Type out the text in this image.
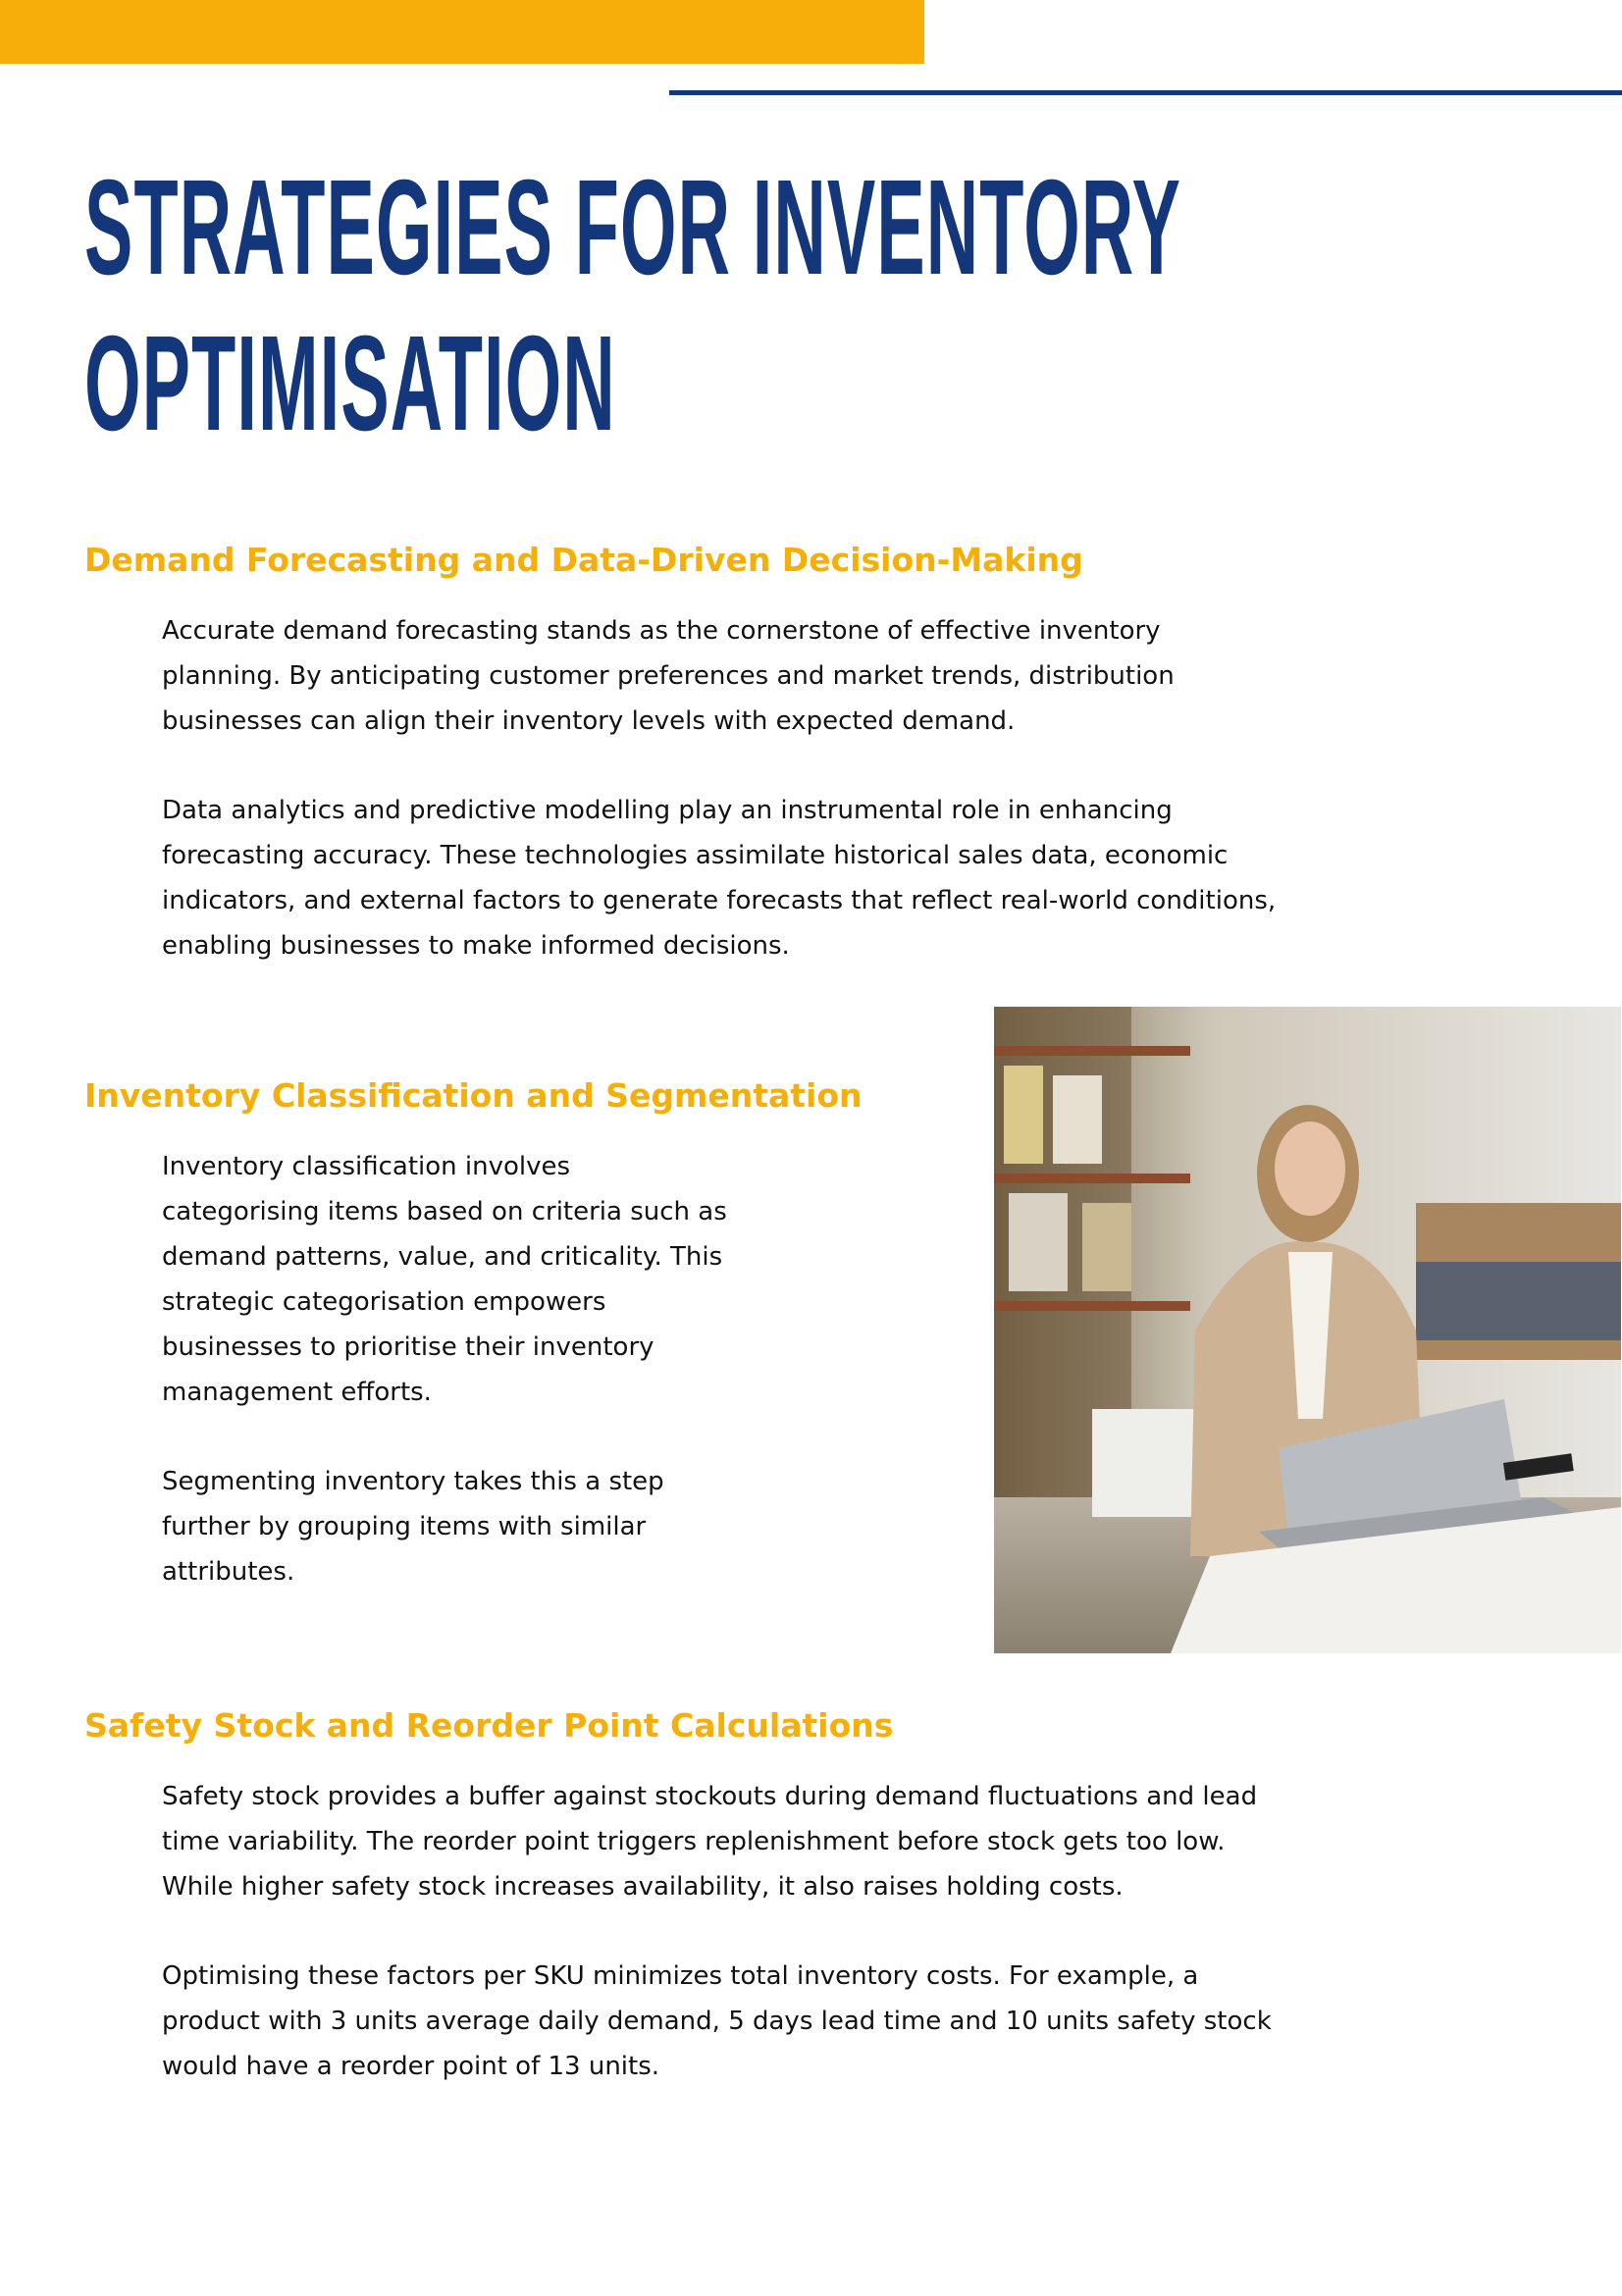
STRATEGIES FOR INVENTORY
OPTIMISATION
Demand Forecasting and Data-Driven Decision-Making
Accurate demand forecasting stands as the cornerstone of effective inventory
planning. By anticipating customer preferences and market trends, distribution
businesses can align their inventory levels with expected demand.
Data analytics and predictive modelling play an instrumental role in enhancing
forecasting accuracy. These technologies assimilate historical sales data, economic
indicators, and external factors to generate forecasts that reflect real-world conditions,
enabling businesses to make informed decisions.
Inventory Classification and Segmentation
Inventory classification involves
categorising items based on criteria such as
demand patterns, value, and criticality. This
strategic categorisation empowers
businesses to prioritise their inventory
management efforts.
Segmenting inventory takes this a step
further by grouping items with similar
attributes.
Safety Stock and Reorder Point Calculations
Safety stock provides a buffer against stockouts during demand fluctuations and lead
time variability. The reorder point triggers replenishment before stock gets too low.
While higher safety stock increases availability, it also raises holding costs.
Optimising these factors per SKU minimizes total inventory costs. For example, a
product with 3 units average daily demand, 5 days lead time and 10 units safety stock
would have a reorder point of 13 units.
